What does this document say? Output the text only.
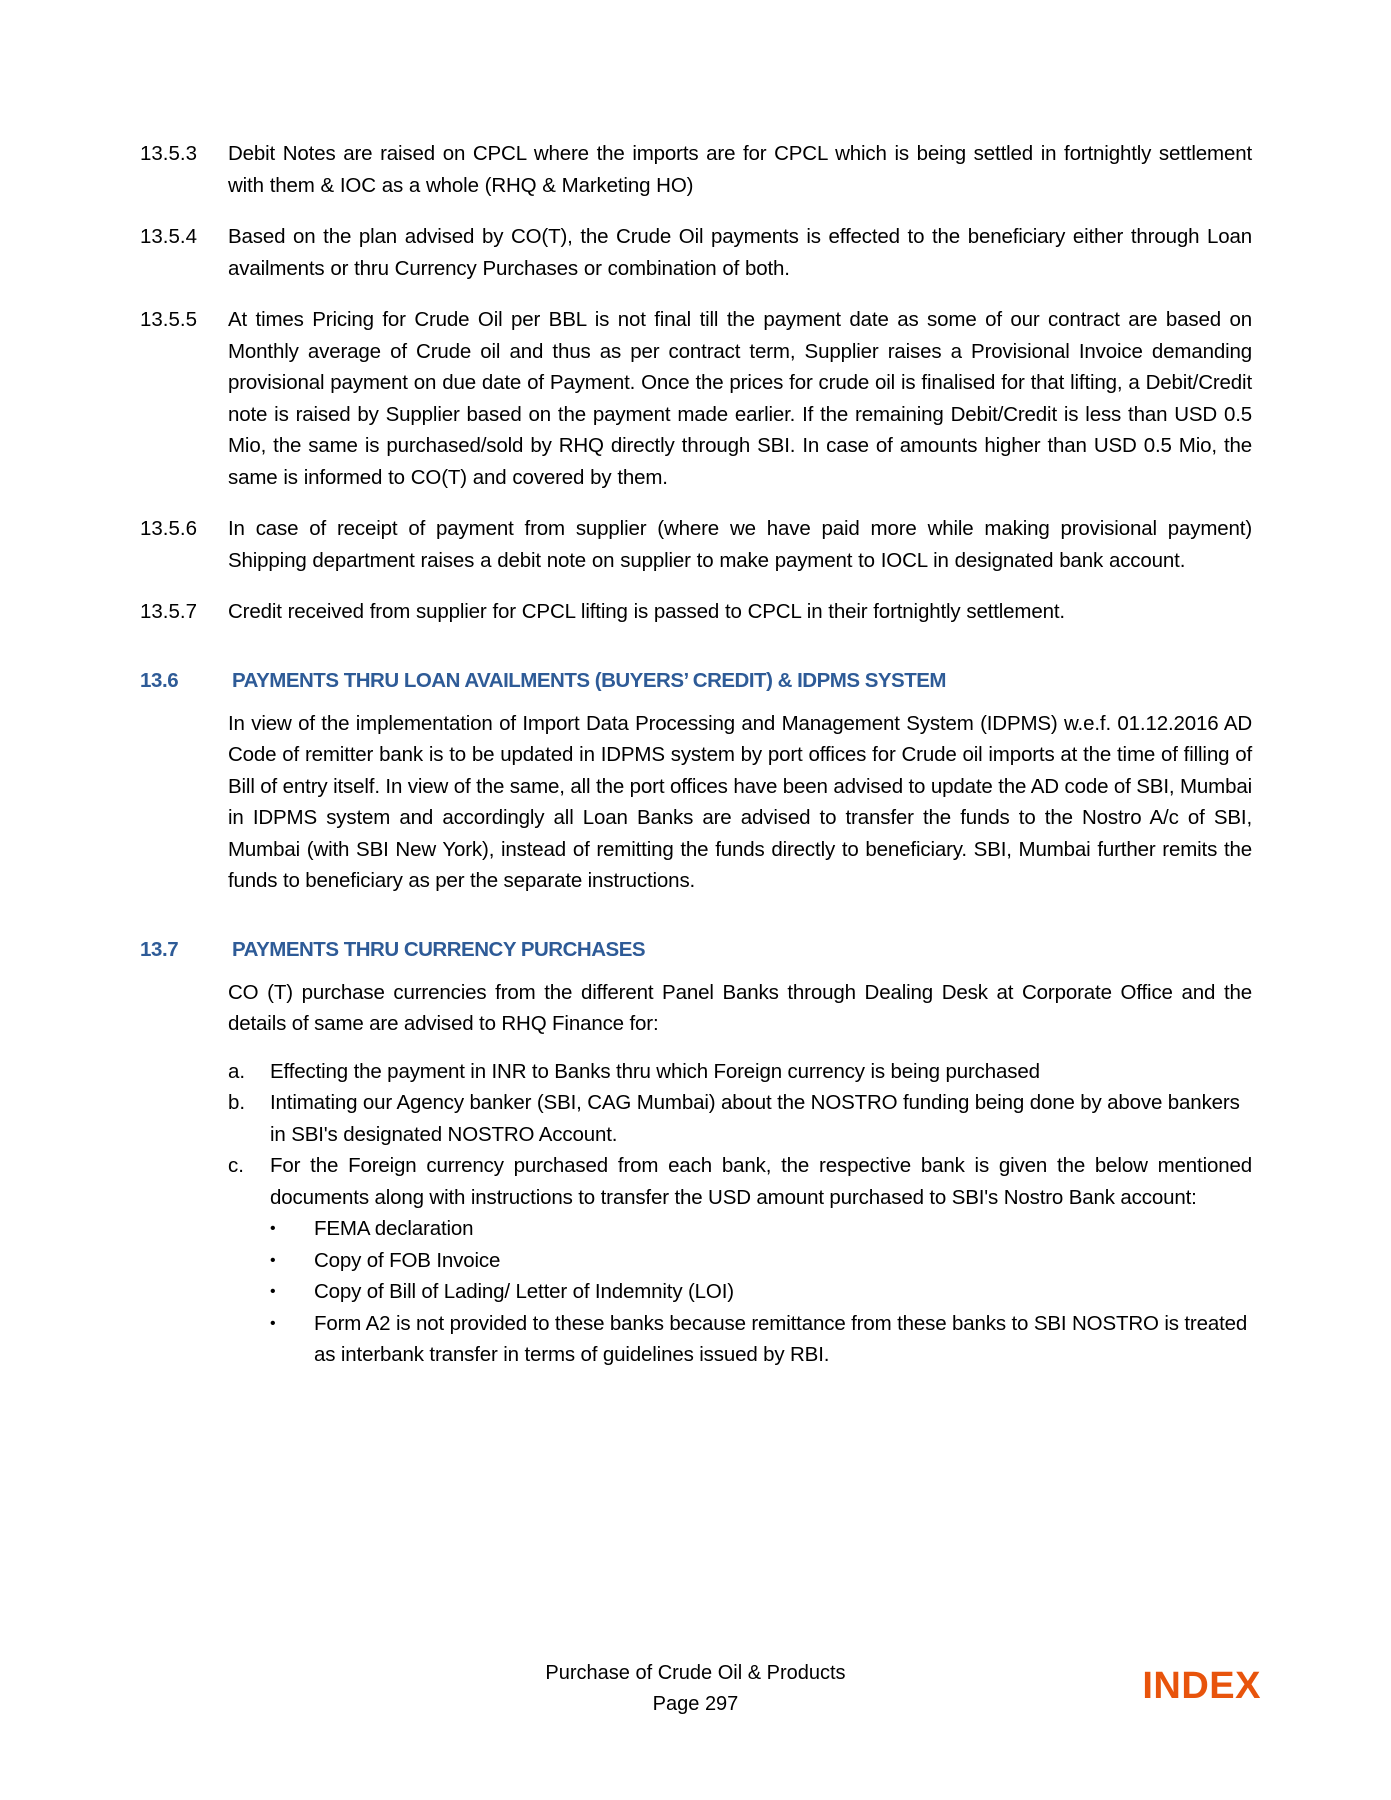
13.5.3	Debit Notes are raised on CPCL where the imports are for CPCL which is being settled in fortnightly settlement with them & IOC as a whole (RHQ & Marketing HO)
13.5.4	Based on the plan advised by CO(T), the Crude Oil payments is effected to the beneficiary either through Loan availments or thru Currency Purchases or combination of both.
13.5.5	At times Pricing for Crude Oil per BBL is not final till the payment date as some of our contract are based on Monthly average of Crude oil and thus as per contract term, Supplier raises a Provisional Invoice demanding provisional payment on due date of Payment. Once the prices for crude oil is finalised for that lifting, a Debit/Credit note is raised by Supplier based on the payment made earlier. If the remaining Debit/Credit is less than USD 0.5 Mio, the same is purchased/sold by RHQ directly through SBI. In case of amounts higher than USD 0.5 Mio, the same is informed to CO(T) and covered by them.
13.5.6	In case of receipt of payment from supplier (where we have paid more while making provisional payment) Shipping department raises a debit note on supplier to make payment to IOCL in designated bank account.
13.5.7	Credit received from supplier for CPCL lifting is passed to CPCL in their fortnightly settlement.
13.6	PAYMENTS THRU LOAN AVAILMENTS (BUYERS’ CREDIT) & IDPMS SYSTEM
In view of the implementation of Import Data Processing and Management System (IDPMS) w.e.f. 01.12.2016 AD Code of remitter bank is to be updated in IDPMS system by port offices for Crude oil imports at the time of filling of Bill of entry itself. In view of the same, all the port offices have been advised to update the AD code of SBI, Mumbai in IDPMS system and accordingly all Loan Banks are advised to transfer the funds to the Nostro A/c of SBI, Mumbai (with SBI New York), instead of remitting the funds directly to beneficiary. SBI, Mumbai further remits the funds to beneficiary as per the separate instructions.
13.7	PAYMENTS THRU CURRENCY PURCHASES
CO (T) purchase currencies from the different Panel Banks through Dealing Desk at Corporate Office and the details of same are advised to RHQ Finance for:
a.	Effecting the payment in INR to Banks thru which Foreign currency is being purchased
b.	Intimating our Agency banker (SBI, CAG Mumbai) about the NOSTRO funding being done by above bankers in SBI's designated NOSTRO Account.
c.	For the Foreign currency purchased from each bank, the respective bank is given the below mentioned documents along with instructions to transfer the USD amount purchased to SBI's Nostro Bank account:
•	FEMA declaration
•	Copy of FOB Invoice
•	Copy of Bill of Lading/ Letter of Indemnity (LOI)
•	Form A2 is not provided to these banks because remittance from these banks to SBI NOSTRO is treated as interbank transfer in terms of guidelines issued by RBI.
Purchase of Crude Oil & Products
Page 297	INDEX
